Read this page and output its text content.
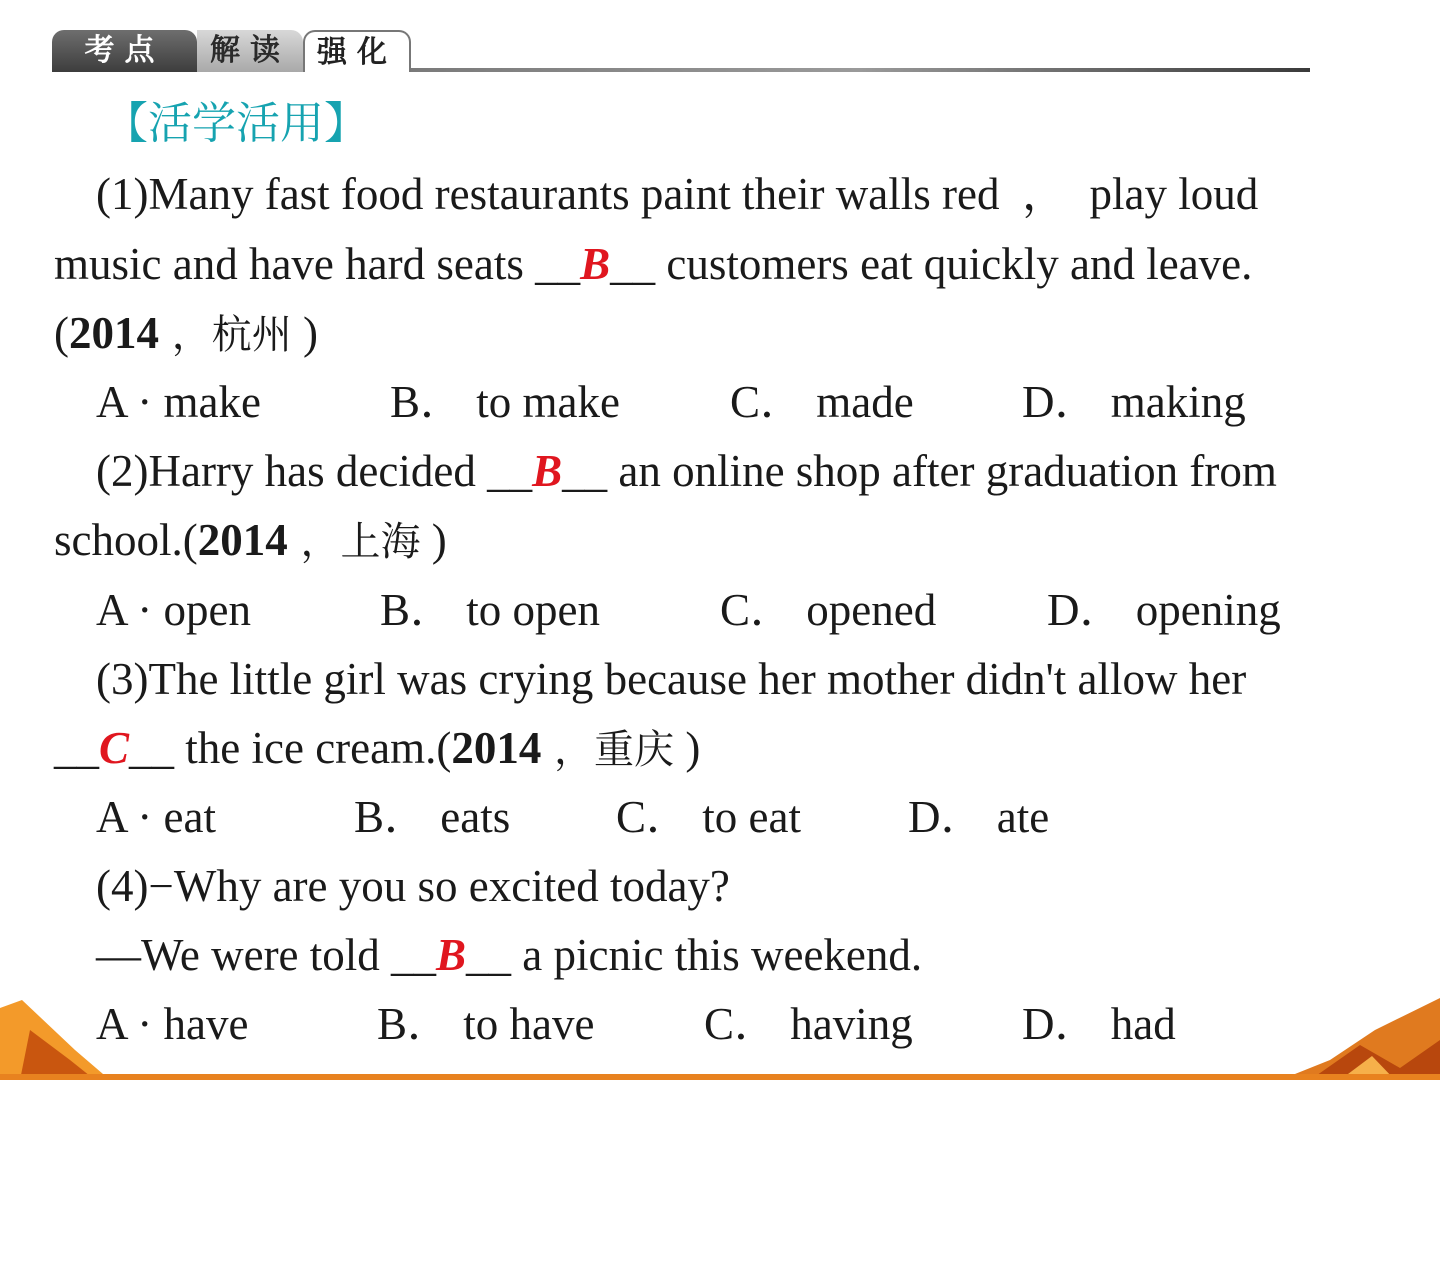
考点	解读 强化
【活学活用】
(1)Many fast food restaurants paint their walls red  ，  play loud
music and have hard seats __B__ customers eat quickly and leave.
(2014 ，杭州 )

A · make

	B． to make

C． made

D． making

(2)Harry has decided __B__ an online shop after graduation from
school.(2014 ，上海 )

A · open

	B． to open

	C． opened

D． opening

(3)The little girl was crying because her mother didn't allow her
__C__ the ice cream.(2014 ，重庆 )

A · eat

	B． eats

C． to eat

D． ate

(4)−Why are you so excited today?
—We were told __B__ a picnic this weekend.

A · have

	B． to have

C． having

D． had
